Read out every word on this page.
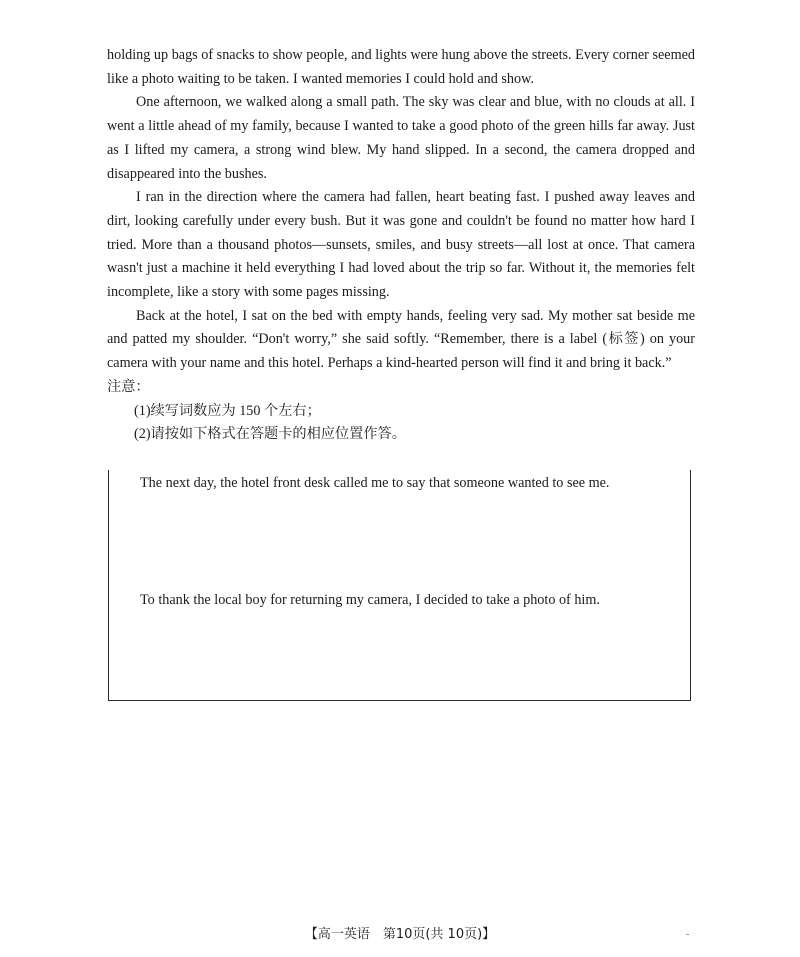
holding up bags of snacks to show people, and lights were hung above the streets. Every corner seemed like a photo waiting to be taken. I wanted memories I could hold and show.

One afternoon, we walked along a small path. The sky was clear and blue, with no clouds at all. I went a little ahead of my family, because I wanted to take a good photo of the green hills far away. Just as I lifted my camera, a strong wind blew. My hand slipped. In a second, the camera dropped and disappeared into the bushes.

I ran in the direction where the camera had fallen, heart beating fast. I pushed away leaves and dirt, looking carefully under every bush. But it was gone and couldn't be found no matter how hard I tried. More than a thousand photos—sunsets, smiles, and busy streets—all lost at once. That camera wasn't just a machine it held everything I had loved about the trip so far. Without it, the memories felt incomplete, like a story with some pages missing.

Back at the hotel, I sat on the bed with empty hands, feeling very sad. My mother sat beside me and patted my shoulder. “Don't worry,” she said softly. “Remember, there is a label (标签) on your camera with your name and this hotel. Perhaps a kind-hearted person will find it and bring it back.”

注意：

(1)续写词数应为 150 个左右；

(2)请按如下格式在答题卡的相应位置作答。

The next day, the hotel front desk called me to say that someone wanted to see me.
To thank the local boy for returning my camera, I decided to take a photo of him.
【高一英语　第10页(共 10页)】	ˍ
